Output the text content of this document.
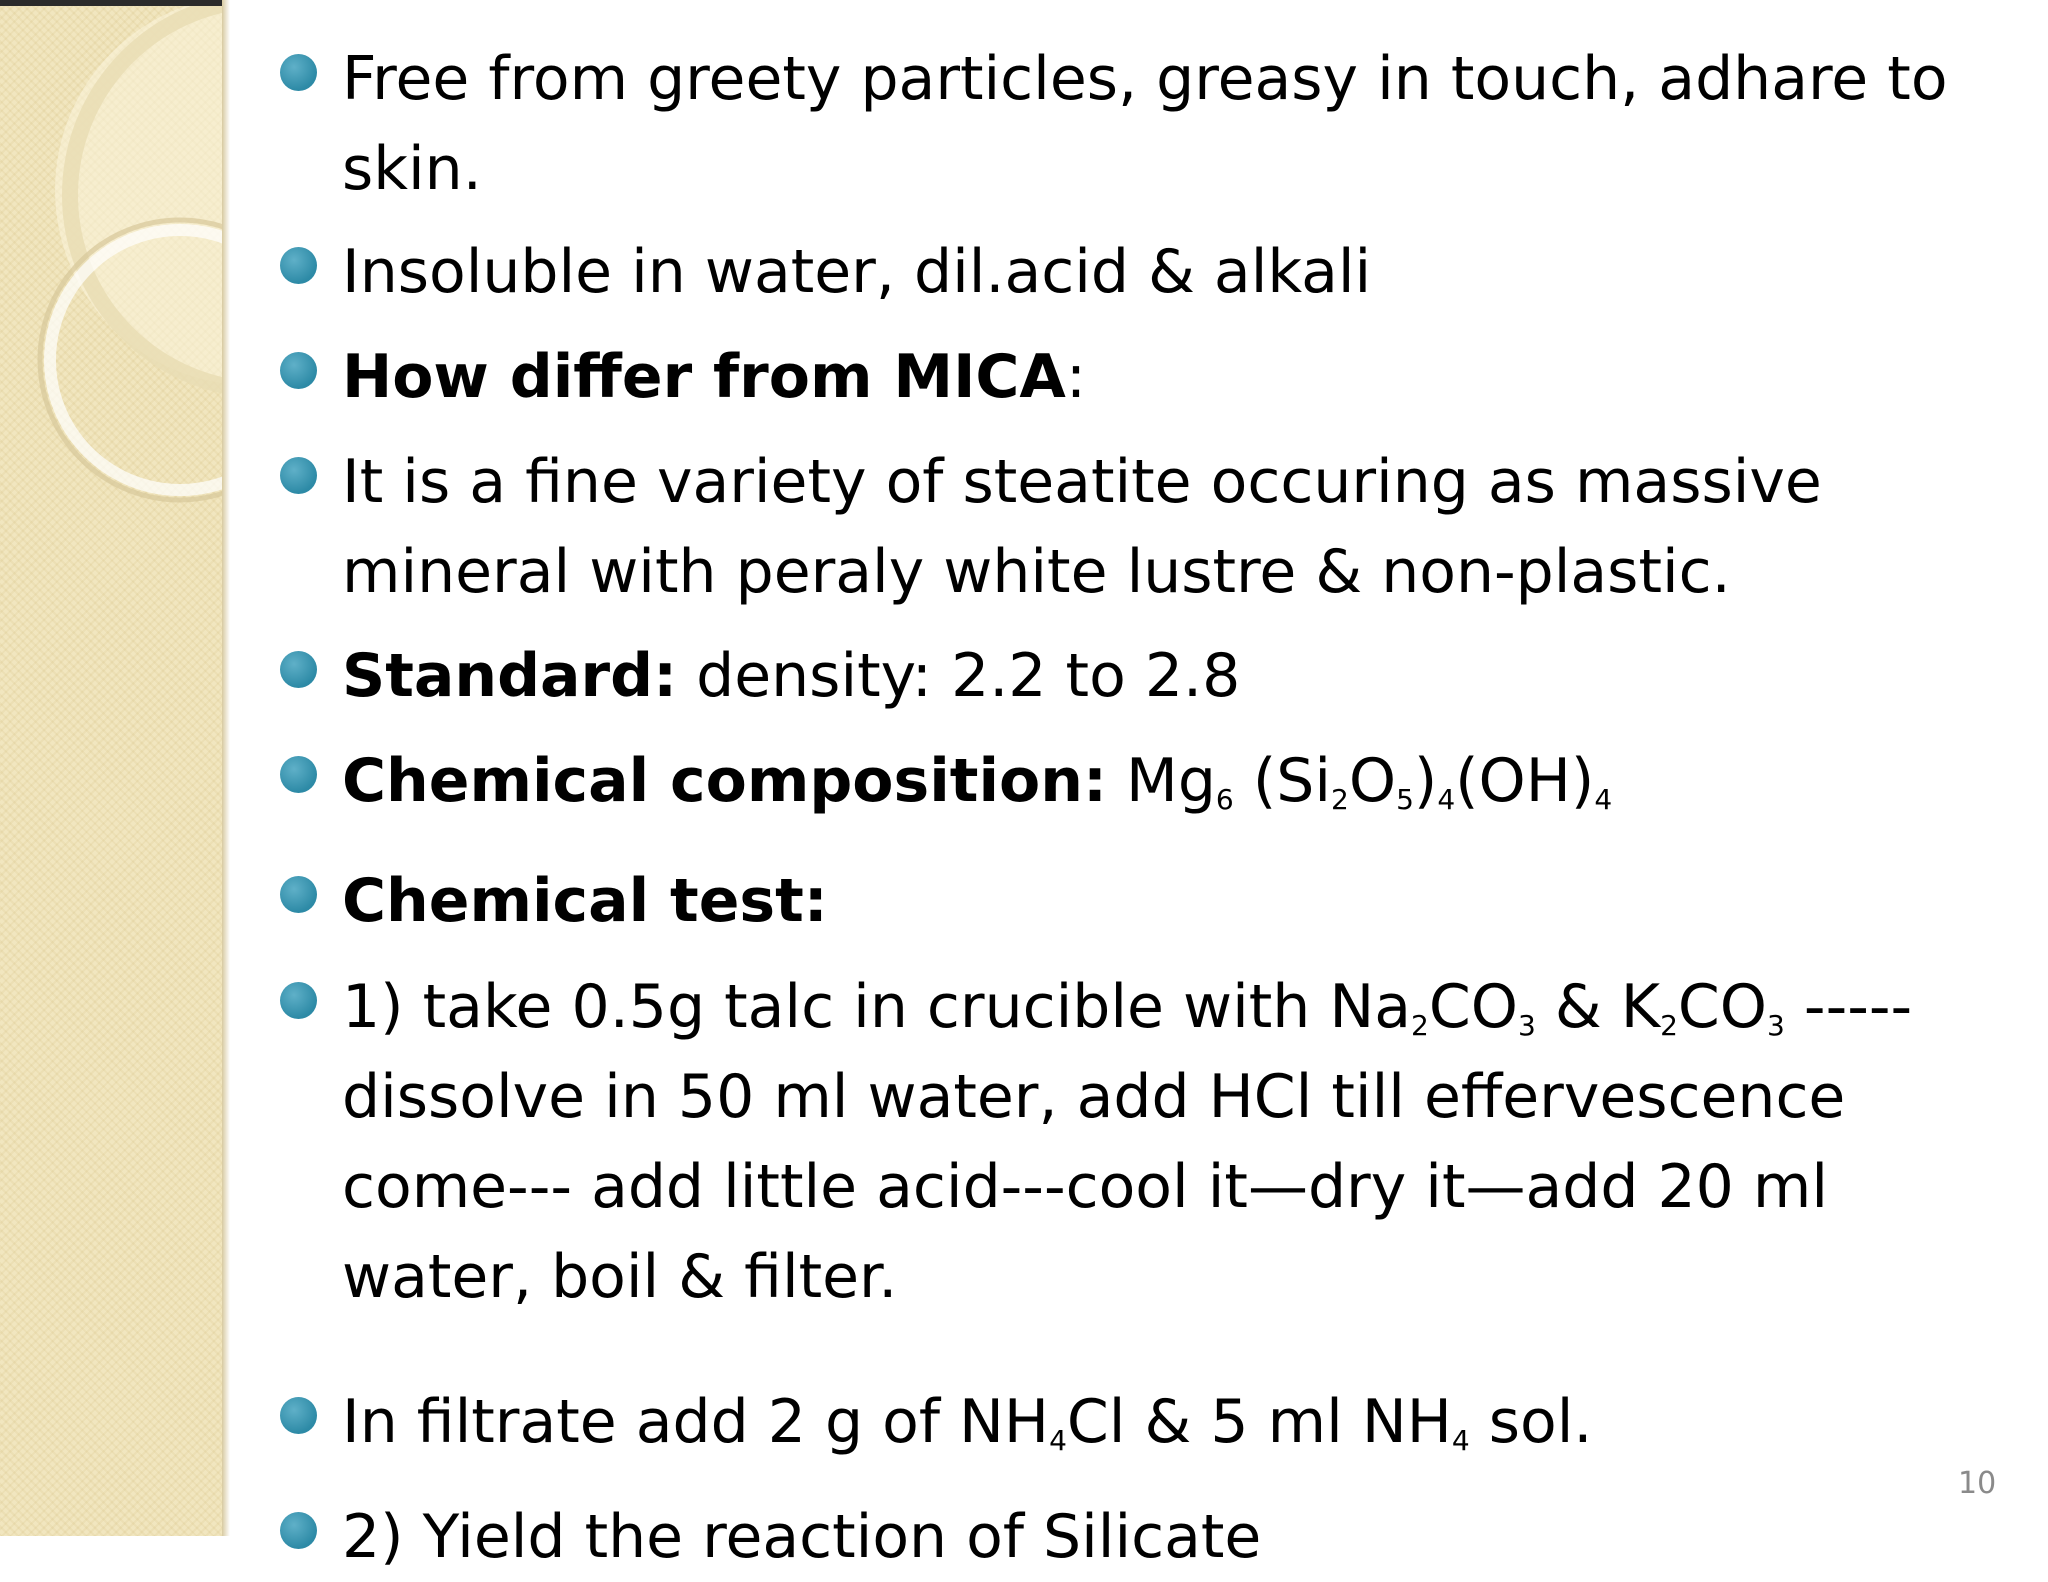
Free from greety particles, greasy in touch, adhare to skin.
Insoluble in water, dil.acid & alkali
How differ from MICA:
It is a fine variety of steatite occuring as massive mineral with peraly white lustre & non-plastic.
Standard: density: 2.2 to 2.8
Chemical composition: $Mg_6$ $(Si_2O_5)_4(OH)_4$
Chemical test:
1) take 0.5g talc in crucible with $Na_2CO_3$ & $K_2CO_3$ -----dissolve in 50 ml water, add HCl till effervescence come--- add little acid---cool it—dry it—add 20 ml water, boil & filter.
In filtrate add 2 g of $NH_4Cl$ & 5 ml $NH_4$ sol.
2) Yield the reaction of Silicate
10
